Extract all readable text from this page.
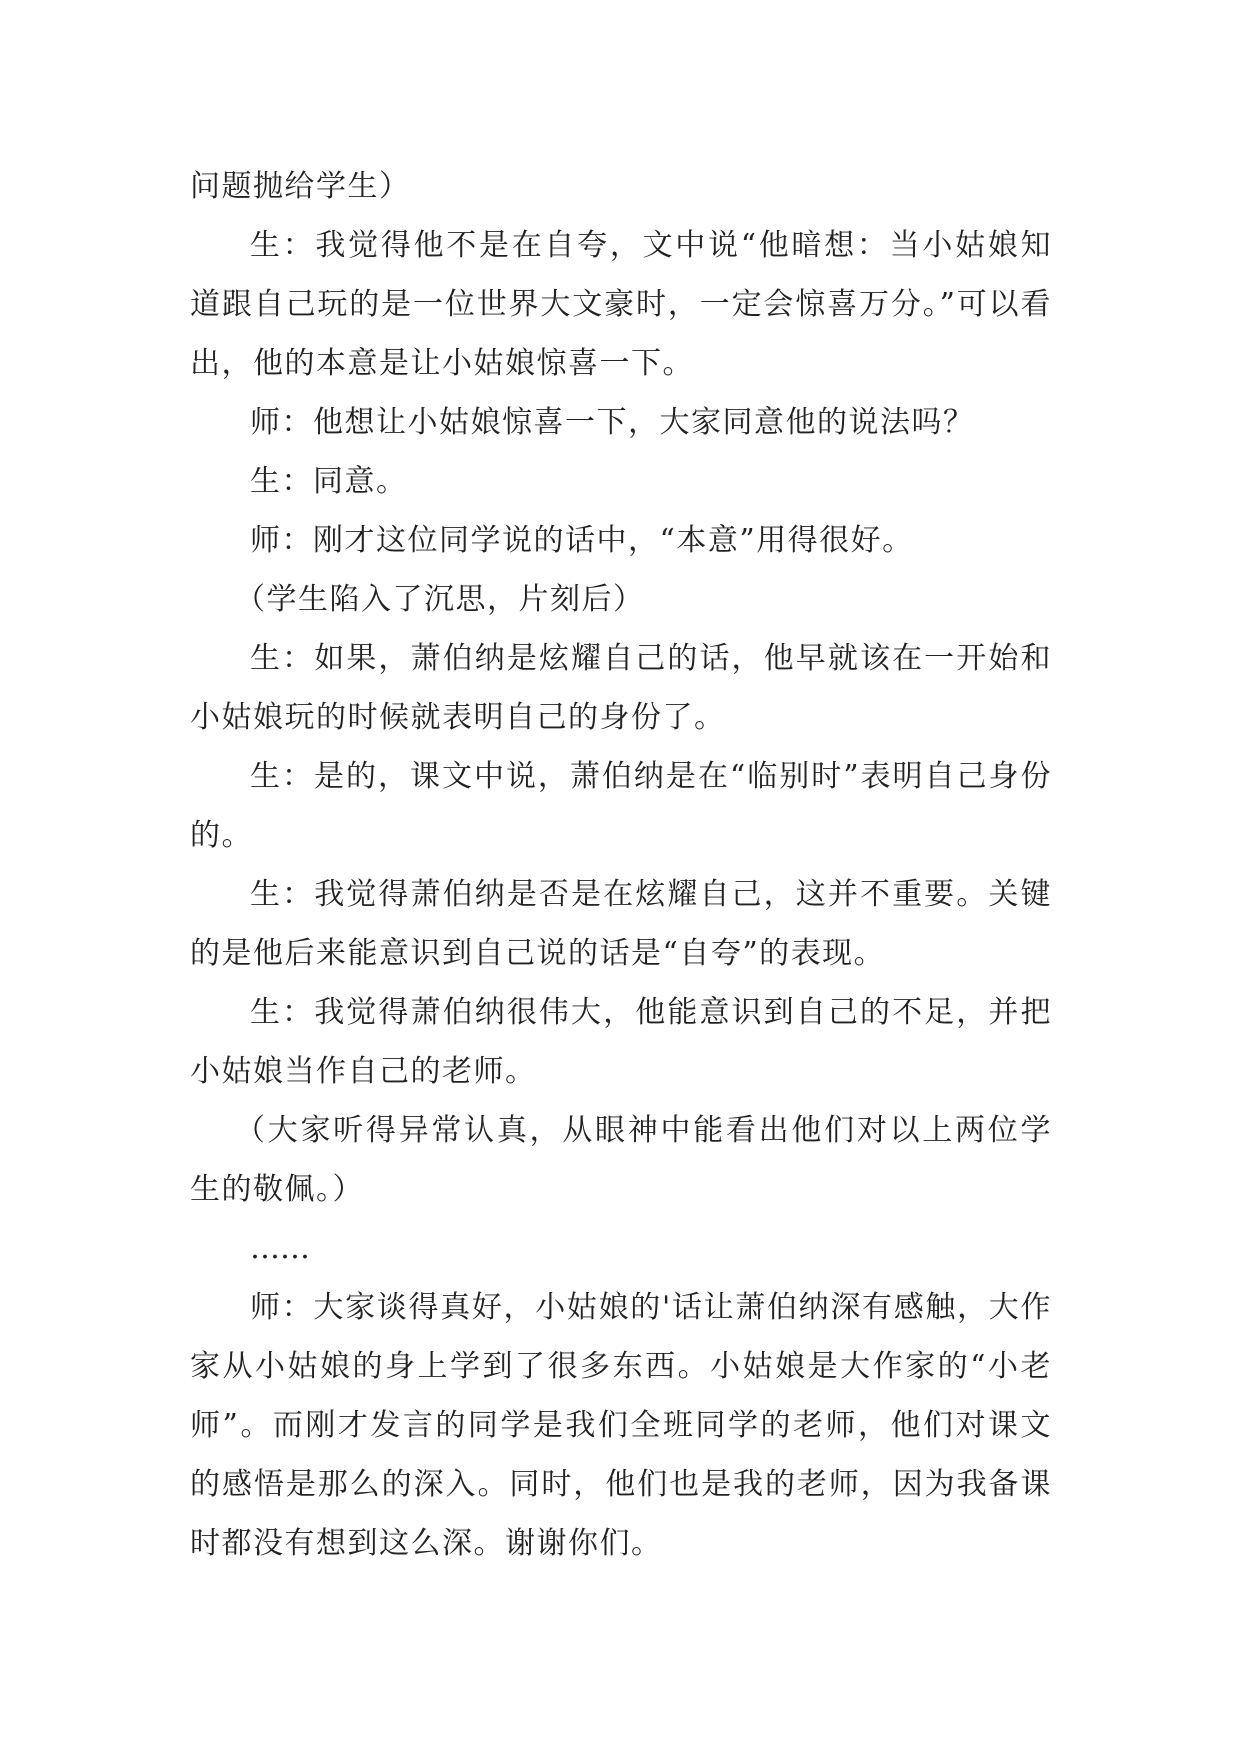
问题抛给学生）

生：我觉得他不是在自夸，文中说“他暗想：当小姑娘知道跟自己玩的是一位世界大文豪时，一定会惊喜万分。”可以看出，他的本意是让小姑娘惊喜一下。

师：他想让小姑娘惊喜一下，大家同意他的说法吗？

生：同意。

师：刚才这位同学说的话中，“本意”用得很好。

（学生陷入了沉思，片刻后）

生：如果，萧伯纳是炫耀自己的话，他早就该在一开始和小姑娘玩的时候就表明自己的身份了。

生：是的，课文中说，萧伯纳是在“临别时”表明自己身份的。

生：我觉得萧伯纳是否是在炫耀自己，这并不重要。关键的是他后来能意识到自己说的话是“自夸”的表现。

生：我觉得萧伯纳很伟大，他能意识到自己的不足，并把小姑娘当作自己的老师。

（大家听得异常认真，从眼神中能看出他们对以上两位学生的敬佩。）

……

师：大家谈得真好，小姑娘的'话让萧伯纳深有感触，大作家从小姑娘的身上学到了很多东西。小姑娘是大作家的“小老师”。而刚才发言的同学是我们全班同学的老师，他们对课文的感悟是那么的深入。同时，他们也是我的老师，因为我备课时都没有想到这么深。谢谢你们。
